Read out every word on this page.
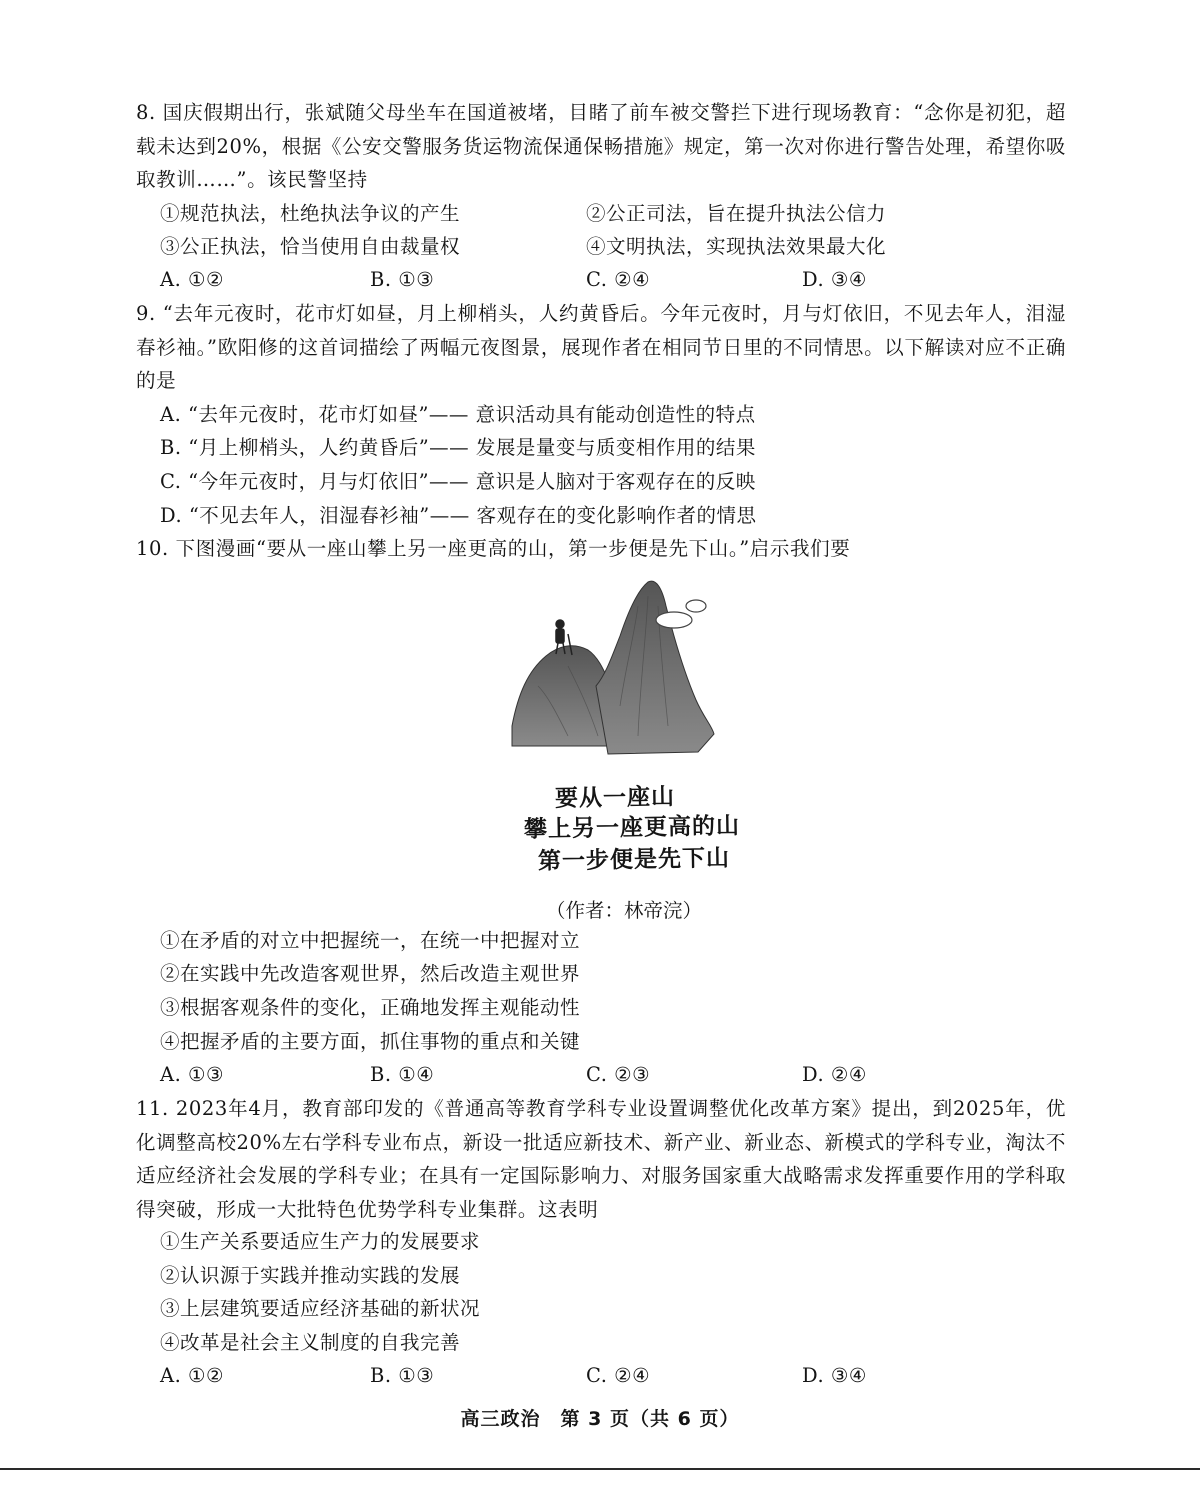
8. 国庆假期出行，张斌随父母坐车在国道被堵，目睹了前车被交警拦下进行现场教育：“念你是初犯，超载未达到20%，根据《公安交警服务货运物流保通保畅措施》规定，第一次对你进行警告处理，希望你吸取教训……”。该民警坚持

①规范执法，杜绝执法争议的产生	②公正司法，旨在提升执法公信力

③公正执法，恰当使用自由裁量权	④文明执法，实现执法效果最大化

A. ①②	B. ①③	C. ②④	D. ③④

9. “去年元夜时，花市灯如昼，月上柳梢头，人约黄昏后。今年元夜时，月与灯依旧，不见去年人，泪湿春衫袖。”欧阳修的这首词描绘了两幅元夜图景，展现作者在相同节日里的不同情思。以下解读对应不正确的是

A. “去年元夜时，花市灯如昼”—— 意识活动具有能动创造性的特点

B. “月上柳梢头，人约黄昏后”—— 发展是量变与质变相作用的结果

C. “今年元夜时，月与灯依旧”—— 意识是人脑对于客观存在的反映

D. “不见去年人，泪湿春衫袖”—— 客观存在的变化影响作者的情思

10. 下图漫画“要从一座山攀上另一座更高的山，第一步便是先下山。”启示我们要

要从一座山
攀上另一座更高的山
第一步便是先下山
（作者：林帝浣）

①在矛盾的对立中把握统一，在统一中把握对立

②在实践中先改造客观世界，然后改造主观世界

③根据客观条件的变化，正确地发挥主观能动性

④把握矛盾的主要方面，抓住事物的重点和关键

A. ①③	B. ①④	C. ②③	D. ②④

11. 2023年4月，教育部印发的《普通高等教育学科专业设置调整优化改革方案》提出，到2025年，优化调整高校20%左右学科专业布点，新设一批适应新技术、新产业、新业态、新模式的学科专业，淘汰不适应经济社会发展的学科专业；在具有一定国际影响力、对服务国家重大战略需求发挥重要作用的学科取得突破，形成一大批特色优势学科专业集群。这表明

①生产关系要适应生产力的发展要求

②认识源于实践并推动实践的发展

③上层建筑要适应经济基础的新状况

④改革是社会主义制度的自我完善

A. ①②	B. ①③	C. ②④	D. ③④

高三政治　第 3 页（共 6 页）
